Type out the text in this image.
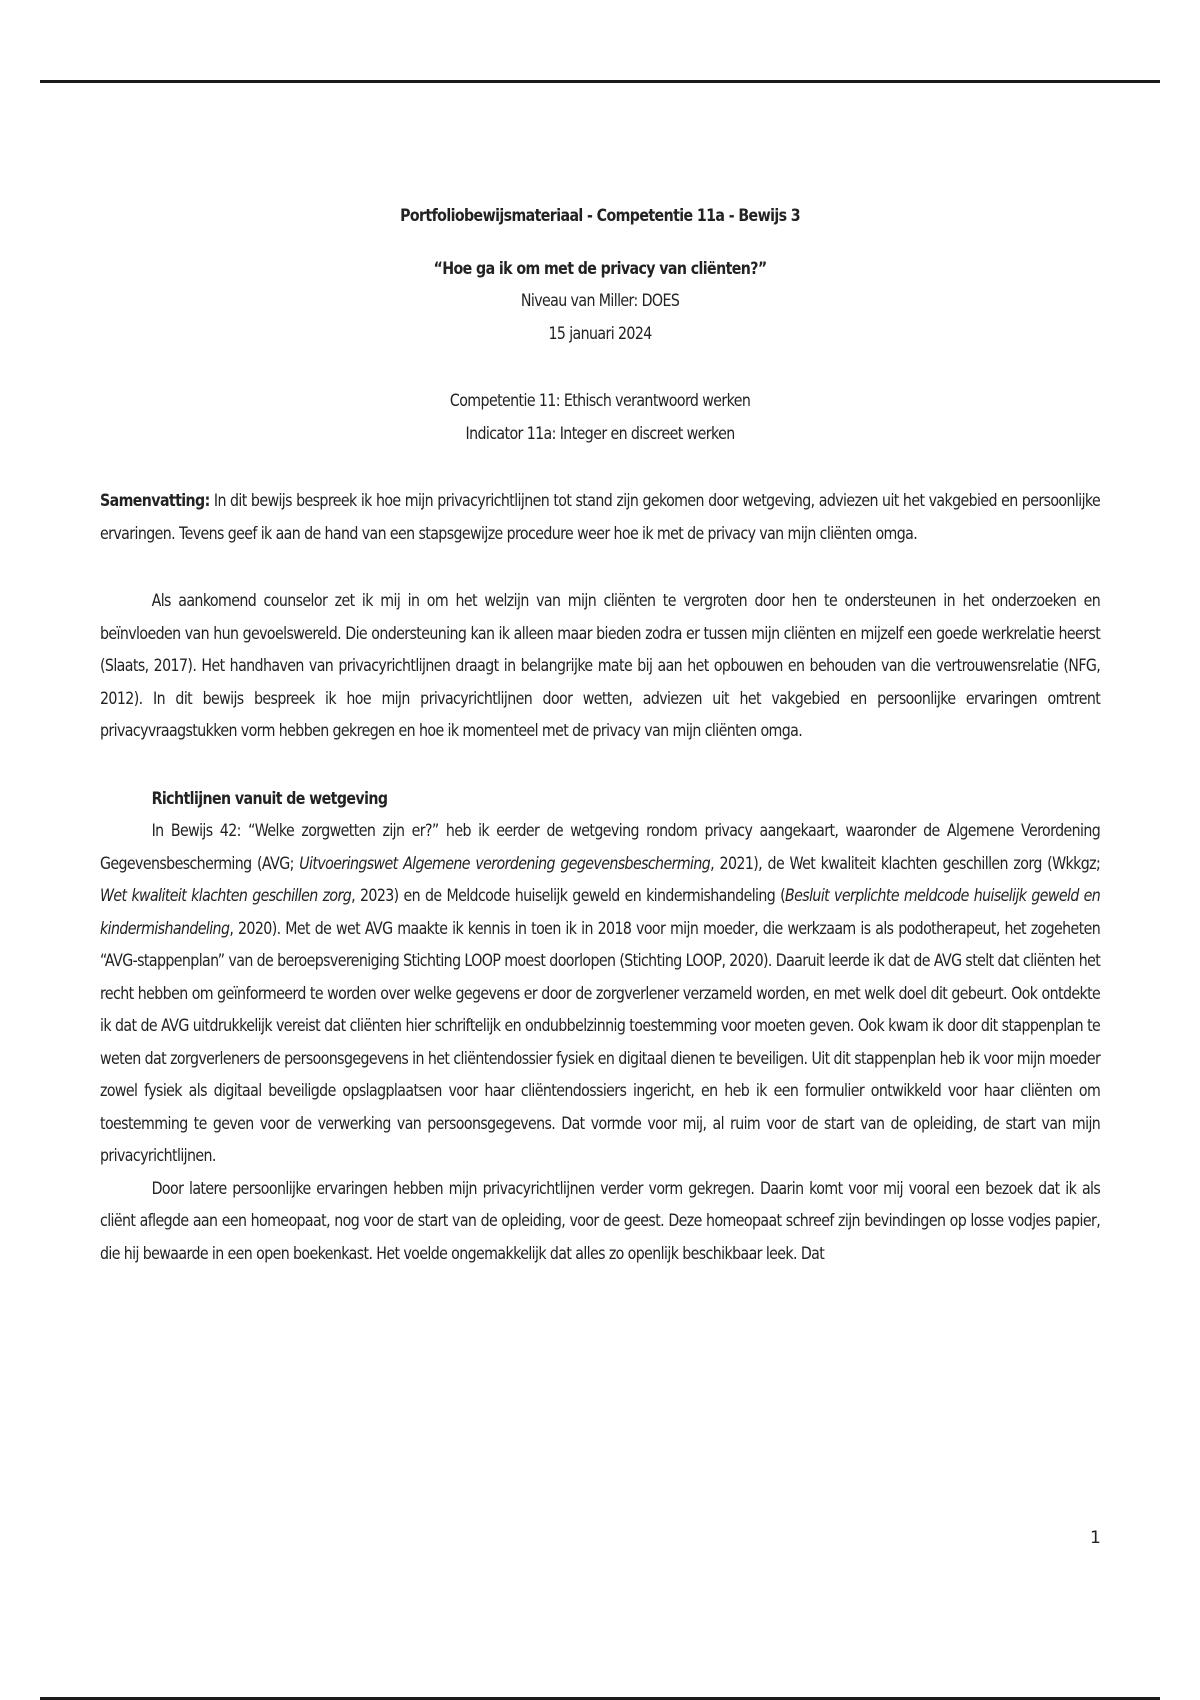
Portfoliobewijsmateriaal - Competentie 11a - Bewijs 3
“Hoe ga ik om met de privacy van cliënten?”
Niveau van Miller: DOES
15 januari 2024
Competentie 11: Ethisch verantwoord werken
Indicator 11a: Integer en discreet werken

Samenvatting: In dit bewijs bespreek ik hoe mijn privacyrichtlijnen tot stand zijn gekomen door wetgeving, adviezen uit het vakgebied en persoonlijke ervaringen. Tevens geef ik aan de hand van een stapsgewijze procedure weer hoe ik met de privacy van mijn cliënten omga.

Als aankomend counselor zet ik mij in om het welzijn van mijn cliënten te vergroten door hen te ondersteunen in het onderzoeken en beïnvloeden van hun gevoelswereld. Die ondersteuning kan ik alleen maar bieden zodra er tussen mijn cliënten en mijzelf een goede werkrelatie heerst (Slaats, 2017). Het handhaven van privacyrichtlijnen draagt in belangrijke mate bij aan het opbouwen en behouden van die vertrouwensrelatie (NFG, 2012). In dit bewijs bespreek ik hoe mijn privacyrichtlijnen door wetten, adviezen uit het vakgebied en persoonlijke ervaringen omtrent privacyvraagstukken vorm hebben gekregen en hoe ik momenteel met de privacy van mijn cliënten omga.

Richtlijnen vanuit de wetgeving

In Bewijs 42: “Welke zorgwetten zijn er?” heb ik eerder de wetgeving rondom privacy aangekaart, waaronder de Algemene Verordening Gegevensbescherming (AVG; Uitvoeringswet Algemene verordening gegevensbescherming, 2021), de Wet kwaliteit klachten geschillen zorg (Wkkgz; Wet kwaliteit klachten geschillen zorg, 2023) en de Meldcode huiselijk geweld en kindermishandeling (Besluit verplichte meldcode huiselijk geweld en kindermishandeling, 2020). Met de wet AVG maakte ik kennis in toen ik in 2018 voor mijn moeder, die werkzaam is als podotherapeut, het zogeheten “AVG-stappenplan” van de beroepsvereniging Stichting LOOP moest doorlopen (Stichting LOOP, 2020). Daaruit leerde ik dat de AVG stelt dat cliënten het recht hebben om geïnformeerd te worden over welke gegevens er door de zorgverlener verzameld worden, en met welk doel dit gebeurt. Ook ontdekte ik dat de AVG uitdrukkelijk vereist dat cliënten hier schriftelijk en ondubbelzinnig toestemming voor moeten geven. Ook kwam ik door dit stappenplan te weten dat zorgverleners de persoonsgegevens in het cliëntendossier fysiek en digitaal dienen te beveiligen. Uit dit stappenplan heb ik voor mijn moeder zowel fysiek als digitaal beveiligde opslagplaatsen voor haar cliëntendossiers ingericht, en heb ik een formulier ontwikkeld voor haar cliënten om toestemming te geven voor de verwerking van persoonsgegevens. Dat vormde voor mij, al ruim voor de start van de opleiding, de start van mijn privacyrichtlijnen.

Door latere persoonlijke ervaringen hebben mijn privacyrichtlijnen verder vorm gekregen. Daarin komt voor mij vooral een bezoek dat ik als cliënt aflegde aan een homeopaat, nog voor de start van de opleiding, voor de geest. Deze homeopaat schreef zijn bevindingen op losse vodjes papier, die hij bewaarde in een open boekenkast. Het voelde ongemakkelijk dat alles zo openlijk beschikbaar leek. Dat

1
